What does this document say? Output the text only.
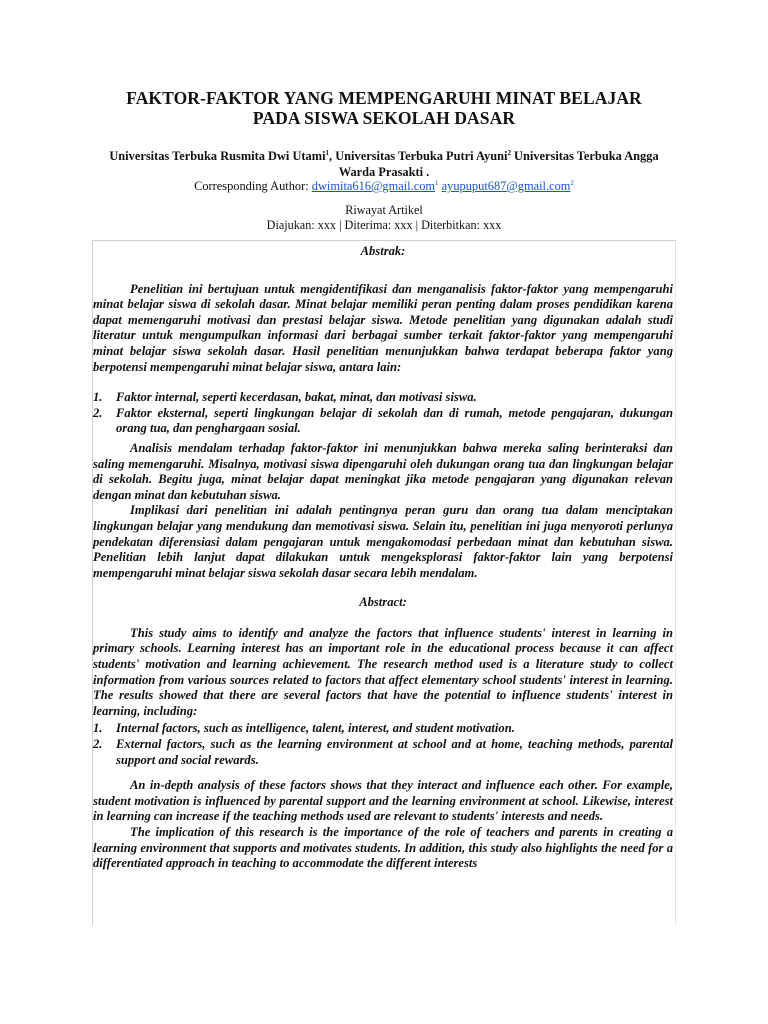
FAKTOR-FAKTOR YANG MEMPENGARUHI MINAT BELAJAR
PADA SISWA SEKOLAH DASAR
Universitas Terbuka Rusmita Dwi Utami$^1$, Universitas Terbuka Putri Ayuni$^2$ Universitas Terbuka Angga
Warda Prasakti .
Corresponding Author: dwimita616@gmail.com$^1$ ayupuput687@gmail.com$^2$
Riwayat Artikel
Diajukan: xxx | Diterima: xxx | Diterbitkan: xxx

Abstrak:

Penelitian ini bertujuan untuk mengidentifikasi dan menganalisis faktor-faktor yang mempengaruhi minat belajar siswa di sekolah dasar. Minat belajar memiliki peran penting dalam proses pendidikan karena dapat memengaruhi motivasi dan prestasi belajar siswa. Metode penelitian yang digunakan adalah studi literatur untuk mengumpulkan informasi dari berbagai sumber terkait faktor-faktor yang mempengaruhi minat belajar siswa sekolah dasar. Hasil penelitian menunjukkan bahwa terdapat beberapa faktor yang berpotensi mempengaruhi minat belajar siswa, antara lain:

1. Faktor internal, seperti kecerdasan, bakat, minat, dan motivasi siswa.
2. Faktor eksternal, seperti lingkungan belajar di sekolah dan di rumah, metode pengajaran, dukungan orang tua, dan penghargaan sosial.

Analisis mendalam terhadap faktor-faktor ini menunjukkan bahwa mereka saling berinteraksi dan saling memengaruhi. Misalnya, motivasi siswa dipengaruhi oleh dukungan orang tua dan lingkungan belajar di sekolah. Begitu juga, minat belajar dapat meningkat jika metode pengajaran yang digunakan relevan dengan minat dan kebutuhan siswa.

Implikasi dari penelitian ini adalah pentingnya peran guru dan orang tua dalam menciptakan lingkungan belajar yang mendukung dan memotivasi siswa. Selain itu, penelitian ini juga menyoroti perlunya pendekatan diferensiasi dalam pengajaran untuk mengakomodasi perbedaan minat dan kebutuhan siswa. Penelitian lebih lanjut dapat dilakukan untuk mengeksplorasi faktor-faktor lain yang berpotensi mempengaruhi minat belajar siswa sekolah dasar secara lebih mendalam.

Abstract:

This study aims to identify and analyze the factors that influence students' interest in learning in primary schools. Learning interest has an important role in the educational process because it can affect students' motivation and learning achievement. The research method used is a literature study to collect information from various sources related to factors that affect elementary school students' interest in learning. The results showed that there are several factors that have the potential to influence students' interest in learning, including:

1. Internal factors, such as intelligence, talent, interest, and student motivation.
2. External factors, such as the learning environment at school and at home, teaching methods, parental support and social rewards.

An in-depth analysis of these factors shows that they interact and influence each other. For example, student motivation is influenced by parental support and the learning environment at school. Likewise, interest in learning can increase if the teaching methods used are relevant to students' interests and needs.

The implication of this research is the importance of the role of teachers and parents in creating a learning environment that supports and motivates students. In addition, this study also highlights the need for a differentiated approach in teaching to accommodate the different interests
